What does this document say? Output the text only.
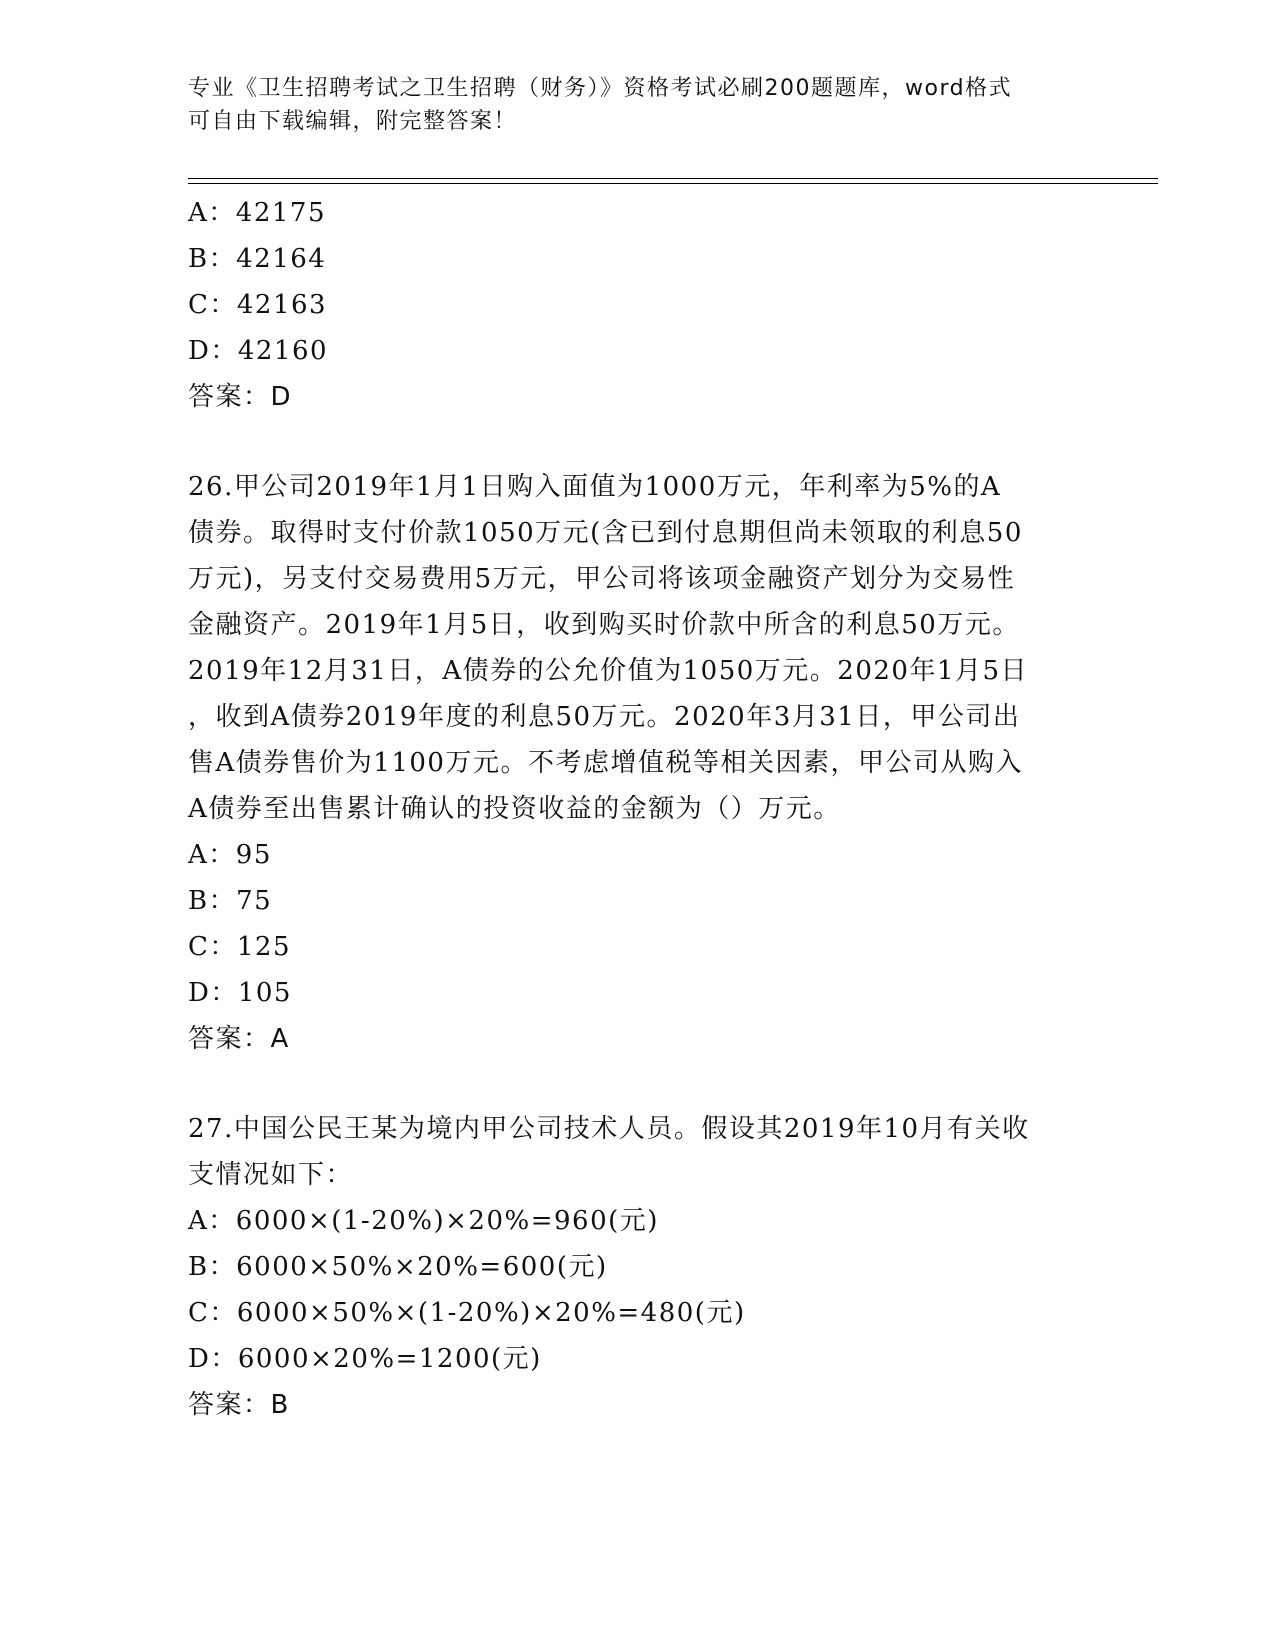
专业《卫生招聘考试之卫生招聘（财务）》资格考试必刷200题题库，word格式
可自由下载编辑，附完整答案！
A：42175
B：42164
C：42163
D：42160
答案：D
26.甲公司2019年1月1日购入面值为1000万元，年利率为5%的A
债券。取得时支付价款1050万元(含已到付息期但尚未领取的利息50
万元)，另支付交易费用5万元，甲公司将该项金融资产划分为交易性
金融资产。2019年1月5日，收到购买时价款中所含的利息50万元。
2019年12月31日，A债券的公允价值为1050万元。2020年1月5日
，收到A债券2019年度的利息50万元。2020年3月31日，甲公司出
售A债券售价为1100万元。不考虑增值税等相关因素，甲公司从购入
A债券至出售累计确认的投资收益的金额为（）万元。
A：95
B：75
C：125
D：105
答案：A
27.中国公民王某为境内甲公司技术人员。假设其2019年10月有关收
支情况如下：
A：6000×(1-20%)×20%=960(元)
B：6000×50%×20%=600(元)
C：6000×50%×(1-20%)×20%=480(元)
D：6000×20%=1200(元)
答案：B
